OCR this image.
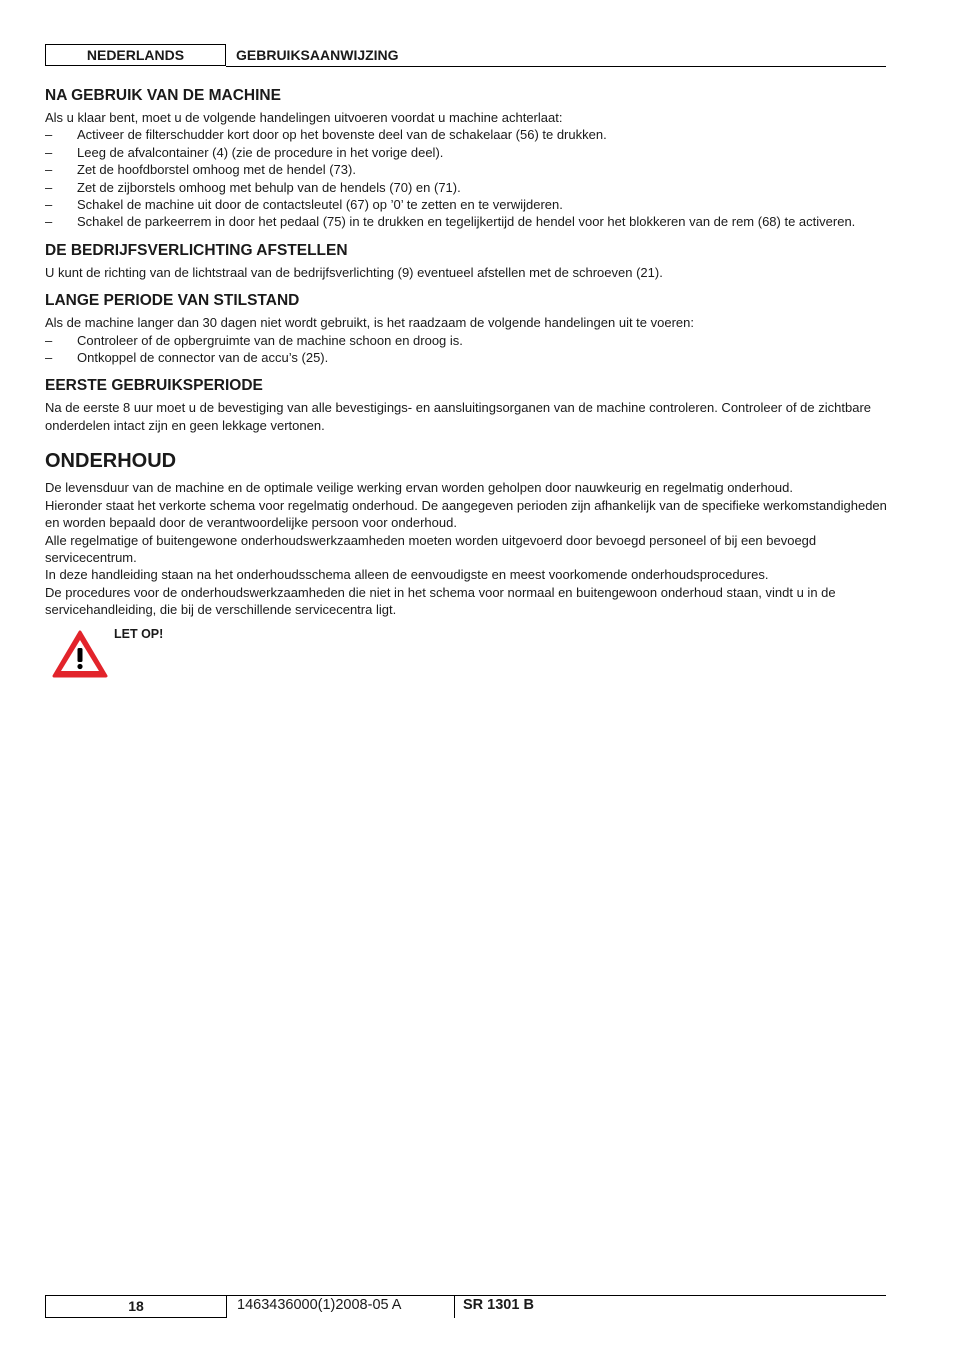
NEDERLANDS	GEBRUIKSAANWIJZING
NA GEBRUIK VAN DE MACHINE

Als u klaar bent, moet u de volgende handelingen uitvoeren voordat u machine achterlaat:

– Activeer de filterschudder kort door op het bovenste deel van de schakelaar (56) te drukken.
– Leeg de afvalcontainer (4) (zie de procedure in het vorige deel).
– Zet de hoofdborstel omhoog met de hendel (73).
– Zet de zijborstels omhoog met behulp van de hendels (70) en (71).
– Schakel de machine uit door de contactsleutel (67) op ’0’ te zetten en te verwijderen.
– Schakel de parkeerrem in door het pedaal (75) in te drukken en tegelijkertijd de hendel voor het blokkeren van de rem (68) te activeren.
DE BEDRIJFSVERLICHTING AFSTELLEN

U kunt de richting van de lichtstraal van de bedrijfsverlichting (9) eventueel afstellen met de schroeven (21).

LANGE PERIODE VAN STILSTAND

Als de machine langer dan 30 dagen niet wordt gebruikt, is het raadzaam de volgende handelingen uit te voeren:

– Controleer of de opbergruimte van de machine schoon en droog is.
– Ontkoppel de connector van de accu’s (25).
EERSTE GEBRUIKSPERIODE

Na de eerste 8 uur moet u de bevestiging van alle bevestigings- en aansluitingsorganen van de machine controleren. Controleer of de zichtbare onderdelen intact zijn en geen lekkage vertonen.

ONDERHOUD

De levensduur van de machine en de optimale veilige werking ervan worden geholpen door nauwkeurig en regelmatig onderhoud.

Hieronder staat het verkorte schema voor regelmatig onderhoud. De aangegeven perioden zijn afhankelijk van de specifieke werkomstandigheden en worden bepaald door de verantwoordelijke persoon voor onderhoud.

Alle regelmatige of buitengewone onderhoudswerkzaamheden moeten worden uitgevoerd door bevoegd personeel of bij een bevoegd servicecentrum.

In deze handleiding staan na het onderhoudsschema alleen de eenvoudigste en meest voorkomende onderhoudsprocedures.

De procedures voor de onderhoudswerkzaamheden die niet in het schema voor normaal en buitengewoon onderhoud staan, vindt u in de servicehandleiding, die bij de verschillende servicecentra ligt.

LET OP!
18	1463436000(1)2008-05 A	SR 1301 B
